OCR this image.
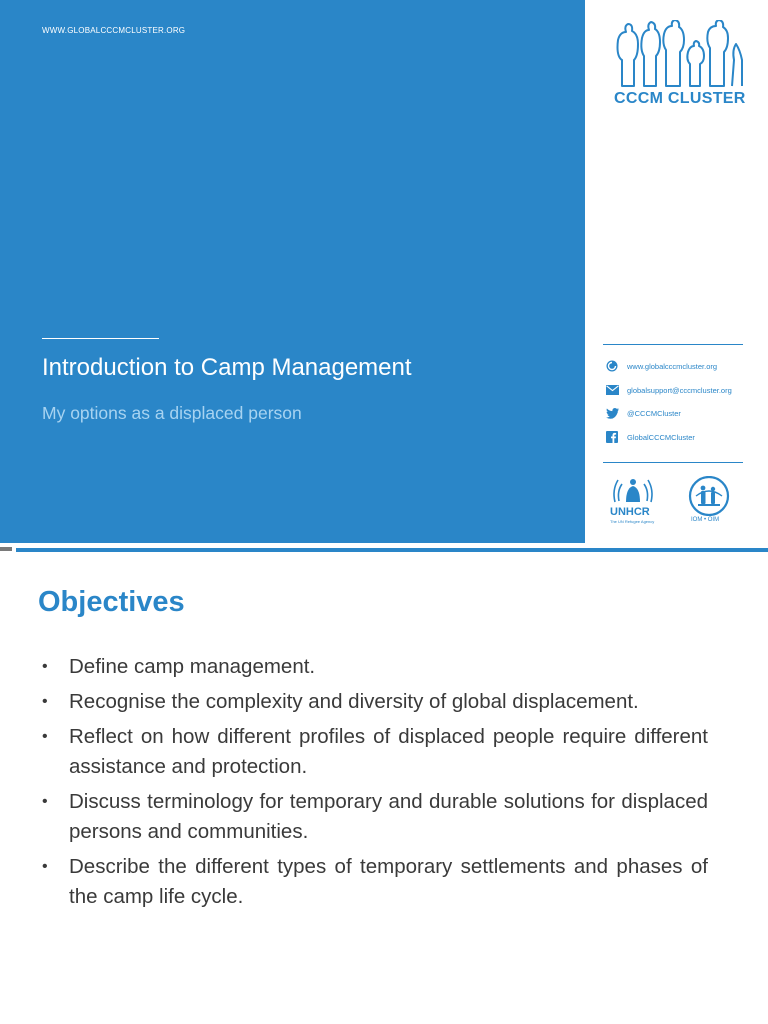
WWW.GLOBALCCCMCLUSTER.ORG
Introduction to Camp Management
My options as a displaced person
CCCM CLUSTER
www.globalcccmcluster.org
globalsupport@cccmcluster.org
@CCCMCluster
GlobalCCCMCluster
UNHCR
The UN Refugee Agency	IOM • OIM
Objectives
• Define camp management.
• Recognise the complexity and diversity of global displacement.
• Reflect on how different profiles of displaced people require different assistance and protection.
• Discuss terminology for temporary and durable solutions for displaced persons and communities.
• Describe the different types of temporary settlements and phases of the camp life cycle.
